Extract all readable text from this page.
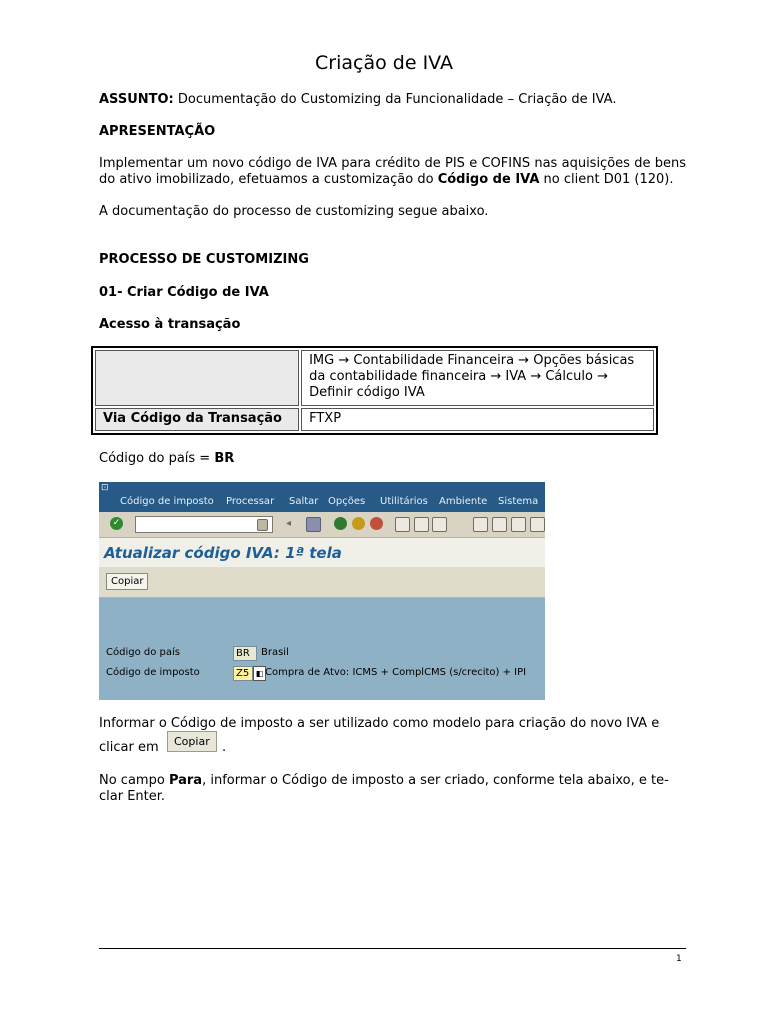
Criação de IVA
ASSUNTO: Documentação do Customizing da Funcionalidade – Criação de IVA.
APRESENTAÇÃO
Implementar um novo código de IVA para crédito de PIS e COFINS nas aquisições de bens do ativo imobilizado, efetuamos a customização do Código de IVA no client D01 (120).
A documentação do processo de customizing segue abaixo.
PROCESSO DE CUSTOMIZING
01- Criar Código de IVA
Acesso à transação
	IMG → Contabilidade Financeira → Opções básicas da contabilidade financeira → IVA → Cálculo → Definir código IVA
Via Código da Transação	FTXP
Código do país = BR
⊡
Código de imposto Processar Saltar Opções Utilitários Ambiente Sistema
✓	◂
Atualizar código IVA: 1ª tela
Copiar
Código do país	BR	Brasil
Código de imposto	Z5 ◧ Compra de Atvo: ICMS + ComplCMS (s/crecito) + IPI
Informar o Código de imposto a ser utilizado como modelo para criação do novo IVA e
clicar em	Copiar .
No campo Para, informar o Código de imposto a ser criado, conforme tela abaixo, e te-clar Enter.
1
